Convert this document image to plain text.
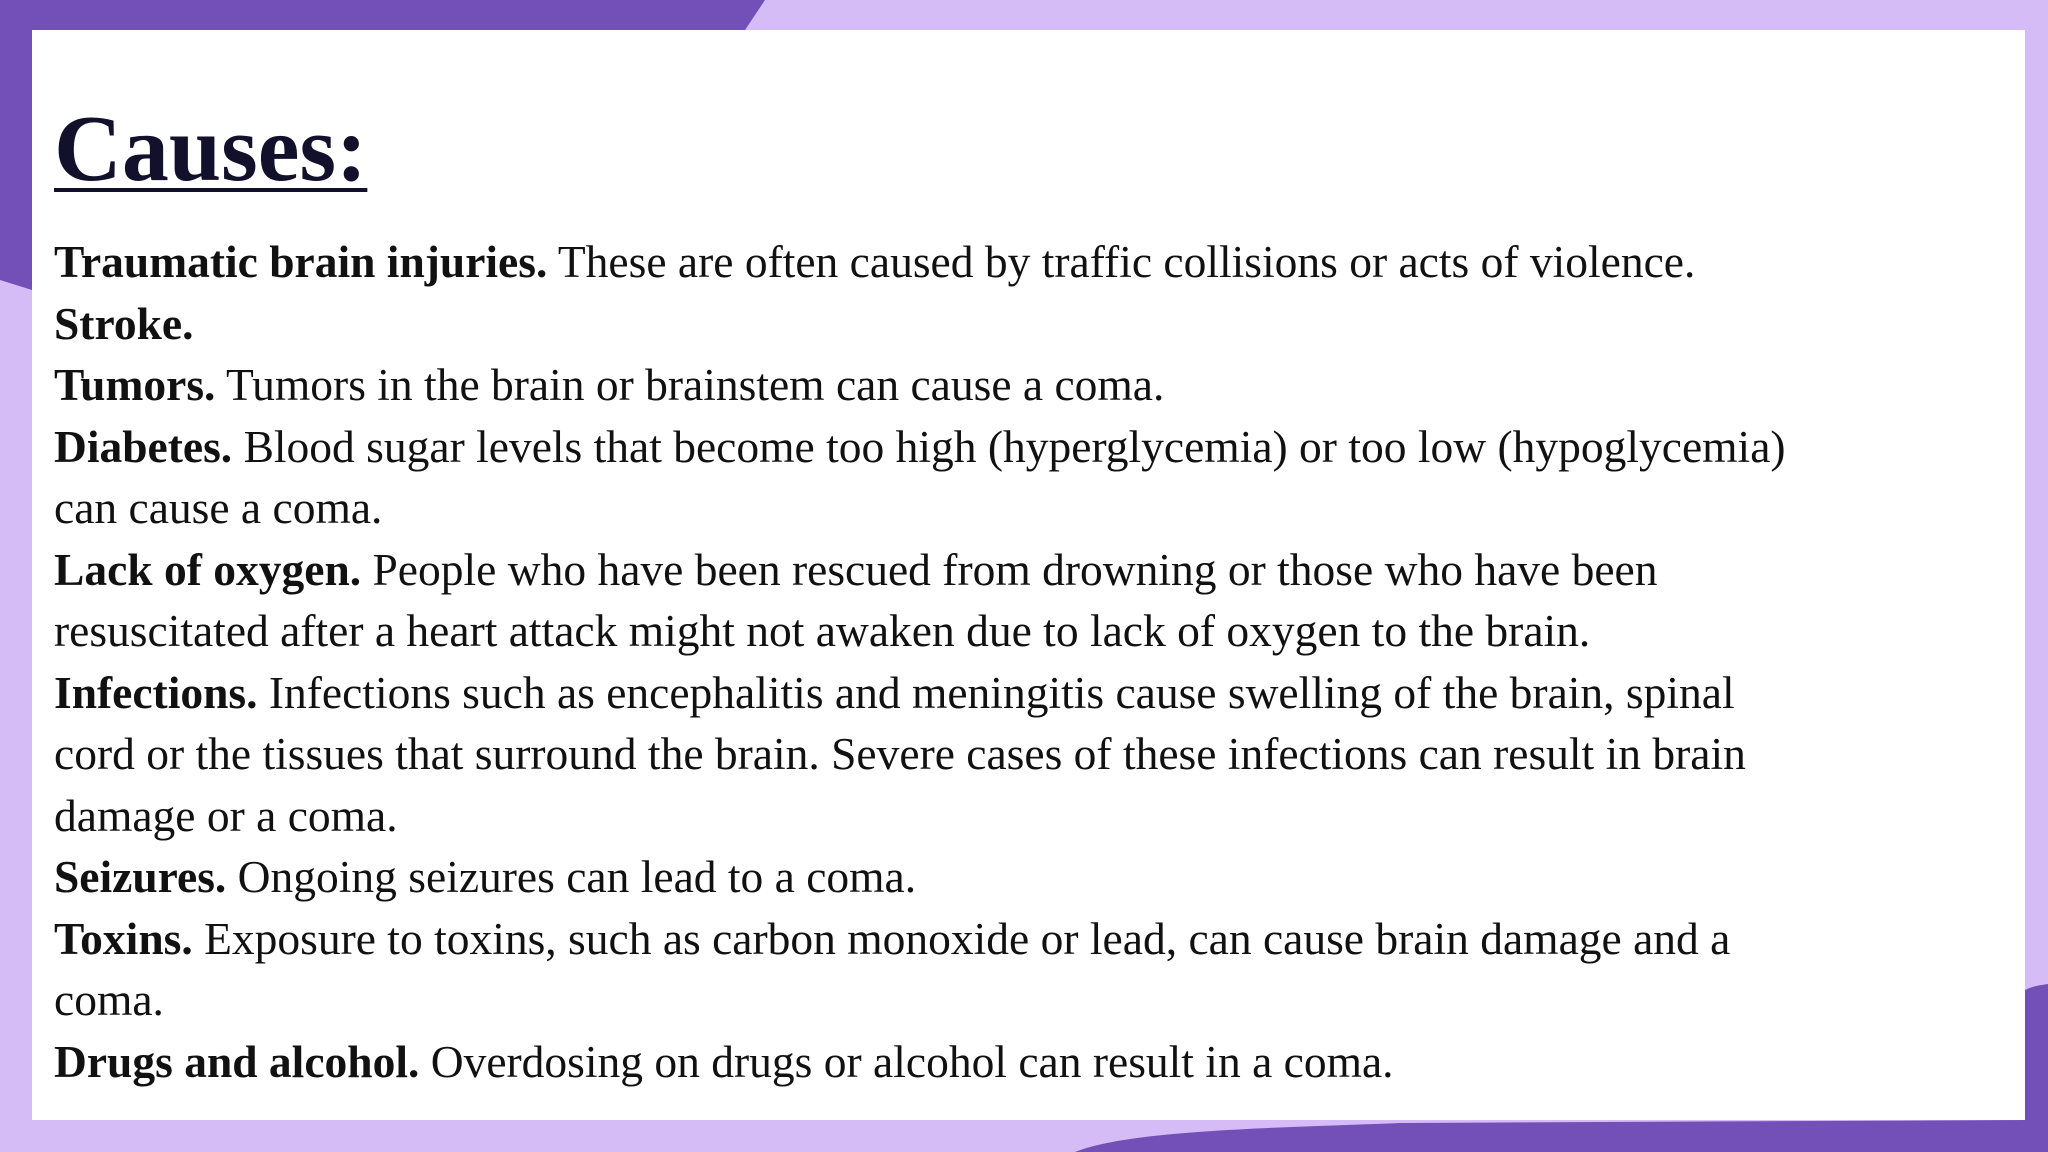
Causes:
Traumatic brain injuries. These are often caused by traffic collisions or acts of violence.
Stroke.
Tumors. Tumors in the brain or brainstem can cause a coma.
Diabetes. Blood sugar levels that become too high (hyperglycemia) or too low (hypoglycemia)
can cause a coma.
Lack of oxygen. People who have been rescued from drowning or those who have been
resuscitated after a heart attack might not awaken due to lack of oxygen to the brain.
Infections. Infections such as encephalitis and meningitis cause swelling of the brain, spinal
cord or the tissues that surround the brain. Severe cases of these infections can result in brain
damage or a coma.
Seizures. Ongoing seizures can lead to a coma.
Toxins. Exposure to toxins, such as carbon monoxide or lead, can cause brain damage and a
coma.
Drugs and alcohol. Overdosing on drugs or alcohol can result in a coma.
